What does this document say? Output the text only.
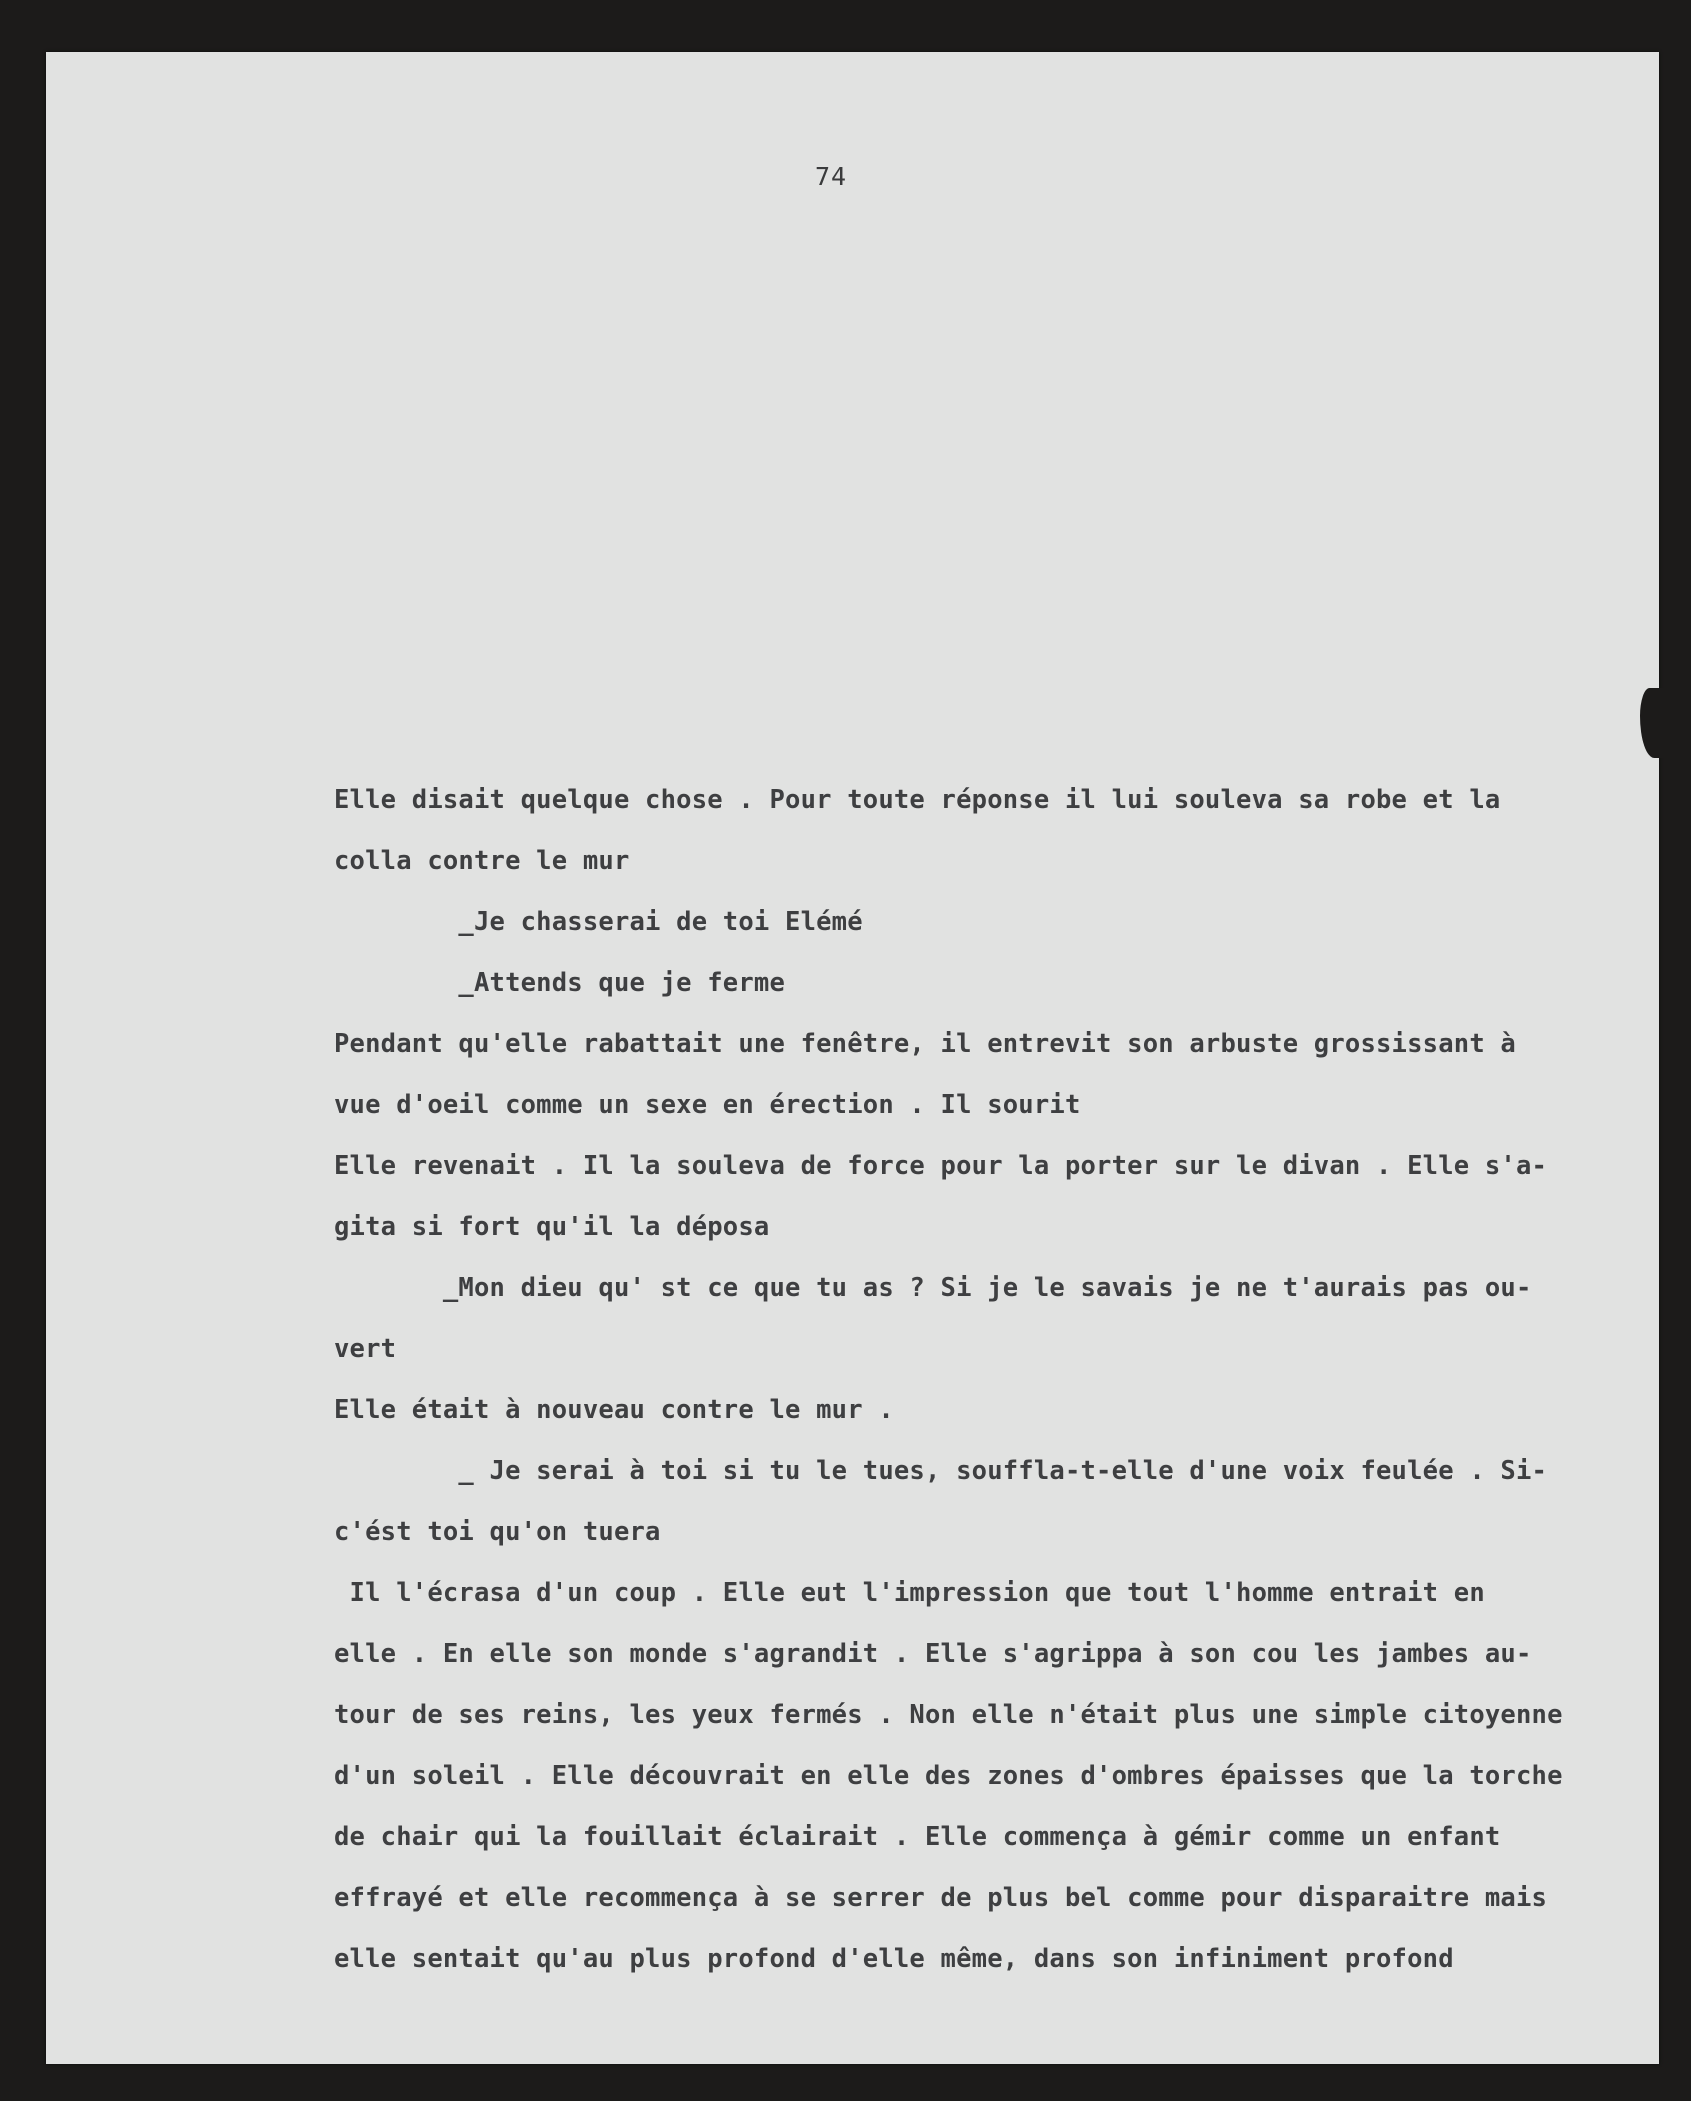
74
Elle disait quelque chose . Pour toute réponse il lui souleva sa robe et la
colla contre le mur
_Je chasserai de toi Elémé
_Attends que je ferme
Pendant qu'elle rabattait une fenêtre, il entrevit son arbuste grossissant à
vue d'oeil comme un sexe en érection . Il sourit
Elle revenait . Il la souleva de force pour la porter sur le divan . Elle s'a-
gita si fort qu'il la déposa
_Mon dieu qu' st ce que tu as ? Si je le savais je ne t'aurais pas ou-
vert
Elle était à nouveau contre le mur .
_ Je serai à toi si tu le tues, souffla-t-elle d'une voix feulée . Si-
c'ést toi qu'on tuera
Il l'écrasa d'un coup . Elle eut l'impression que tout l'homme entrait en
elle . En elle son monde s'agrandit . Elle s'agrippa à son cou les jambes au-
tour de ses reins, les yeux fermés . Non elle n'était plus une simple citoyenne
d'un soleil . Elle découvrait en elle des zones d'ombres épaisses que la torche
de chair qui la fouillait éclairait . Elle commença à gémir comme un enfant
effrayé et elle recommença à se serrer de plus bel comme pour disparaitre mais
elle sentait qu'au plus profond d'elle même, dans son infiniment profond
